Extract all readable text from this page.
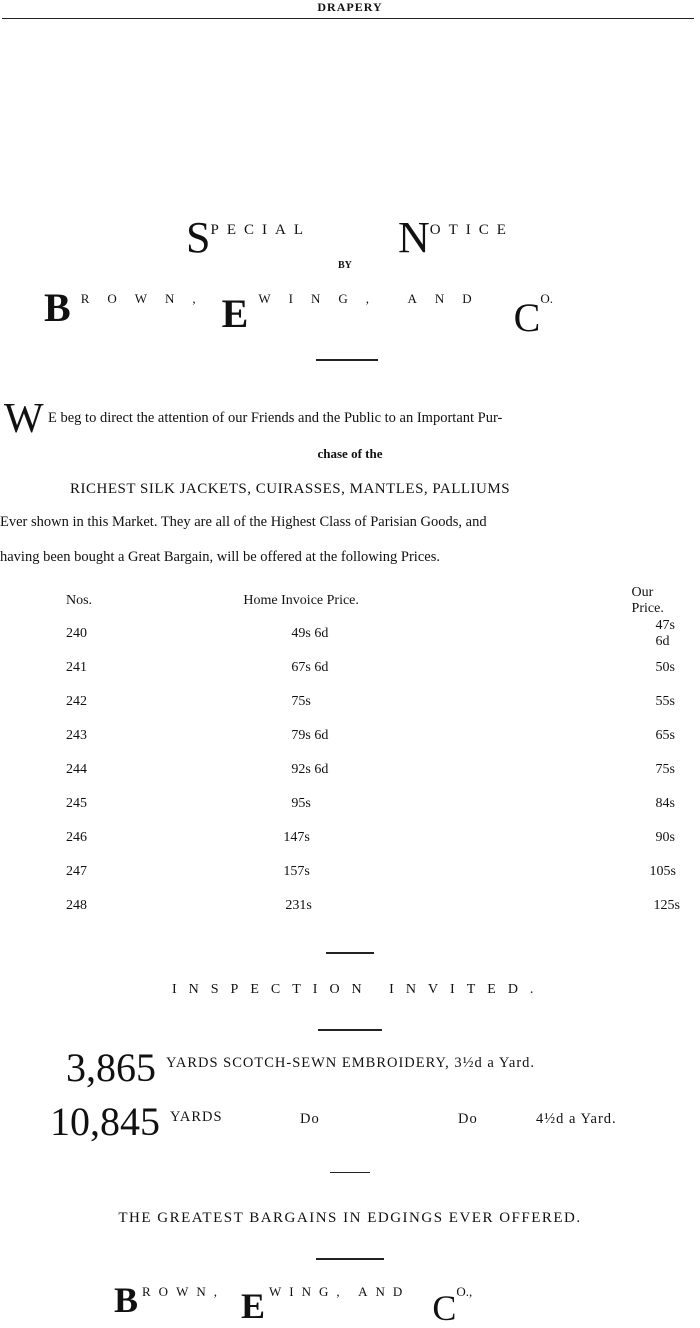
DRAPERY
SPECIAL NOTICE
BY
B $^{ROWN,}$ E $^{WING, AND}$ $C^{O.}$
W E beg to direct the attention of our Friends and the Public to an Important Pur-
chase of the
RICHEST SILK JACKETS, CUIRASSES, MANTLES, PALLIUMS
Ever shown in this Market. They are all of the Highest Class of Parisian Goods, and
having been bought a Great Bargain, will be offered at the following Prices.
Nos.	Home Invoice Price.	Our Price.
240	49s 6d	47s 6d
241	67s 6d	50s
242	75s	55s
243	79s 6d	65s
244	92s 6d	75s
245	95s	84s
246	147s	90s
247	157s	105s
248	231s	125s
INSPECTION INVITED.
3,865 YARDS SCOTCH-SEWN EMBROIDERY, 3½d a Yard.
10,845 YARDS	Do	Do	4½d a Yard.
THE GREATEST BARGAINS IN EDGINGS EVER OFFERED.
B $^{ROWN,}$ E $^{WING, AND}$ $C^{O.,}$
